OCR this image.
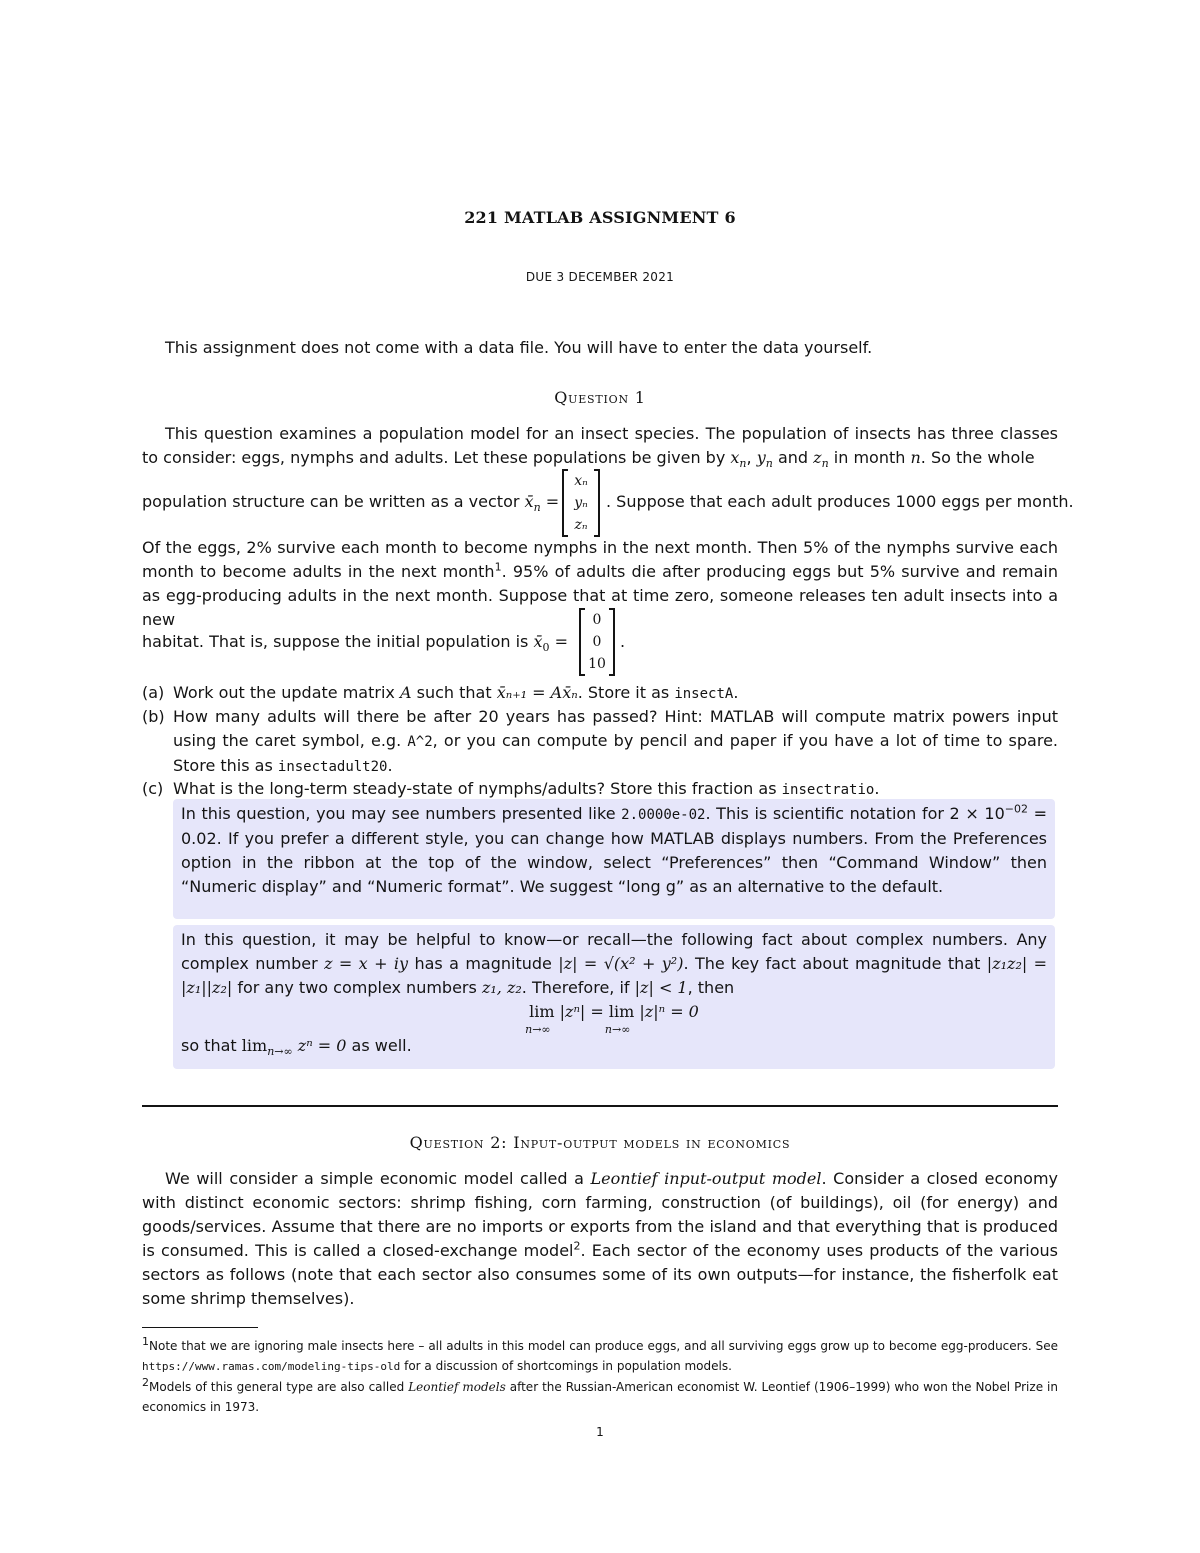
221 MATLAB ASSIGNMENT 6
DUE 3 DECEMBER 2021
This assignment does not come with a data file. You will have to enter the data yourself.
Question 1
This question examines a population model for an insect species. The population of insects has three classes to consider: eggs, nymphs and adults. Let these populations be given by $x_n$, $y_n$ and $z_n$ in month n. So the whole
population structure can be written as a vector $x̄_n$ =
xₙ
yₙ
zₙ
. Suppose that each adult produces 1000 eggs per month.
Of the eggs, 2% survive each month to become nymphs in the next month. Then 5% of the nymphs survive each month to become adults in the next month$^1$. 95% of adults die after producing eggs but 5% survive and remain as egg-producing adults in the next month. Suppose that at time zero, someone releases ten adult insects into a new
habitat. That is, suppose the initial population is $x̄_0$ =
0
0
10
.
(a) Work out the update matrix A such that x̄ₙ₊₁ = Ax̄ₙ. Store it as insectA.
(b) How many adults will there be after 20 years has passed? Hint: MATLAB will compute matrix powers input using the caret symbol, e.g. A^2, or you can compute by pencil and paper if you have a lot of time to spare. Store this as insectadult20.
(c) What is the long-term steady-state of nymphs/adults? Store this fraction as insectratio.
In this question, you may see numbers presented like 2.0000e-02. This is scientific notation for $2 \times 10^{-02} = 0.02$. If you prefer a different style, you can change how MATLAB displays numbers. From the Preferences option in the ribbon at the top of the window, select “Preferences” then “Command Window” then “Numeric display” and “Numeric format”. We suggest “long g” as an alternative to the default.
In this question, it may be helpful to know—or recall—the following fact about complex numbers. Any complex number z = x + iy has a magnitude |z| = √(x² + y²). The key fact about magnitude that |z₁z₂| = |z₁||z₂| for any two complex numbers z₁, z₂. Therefore, if |z| < 1, then
lim
n→∞
|zⁿ| = lim
n→∞
|z|ⁿ = 0
so that $\lim_{n\to\infty} z^n = 0$ as well.
Question 2: Input-output models in economics
We will consider a simple economic model called a Leontief input-output model. Consider a closed economy with distinct economic sectors: shrimp fishing, corn farming, construction (of buildings), oil (for energy) and goods/services. Assume that there are no imports or exports from the island and that everything that is produced is consumed. This is called a closed-exchange model$^2$. Each sector of the economy uses products of the various sectors as follows (note that each sector also consumes some of its own outputs—for instance, the fisherfolk eat some shrimp themselves).
$^1$Note that we are ignoring male insects here – all adults in this model can produce eggs, and all surviving eggs grow up to become egg-producers. See https://www.ramas.com/modeling-tips-old for a discussion of shortcomings in population models.
$^2$Models of this general type are also called Leontief models after the Russian-American economist W. Leontief (1906–1999) who won the Nobel Prize in economics in 1973.
1
